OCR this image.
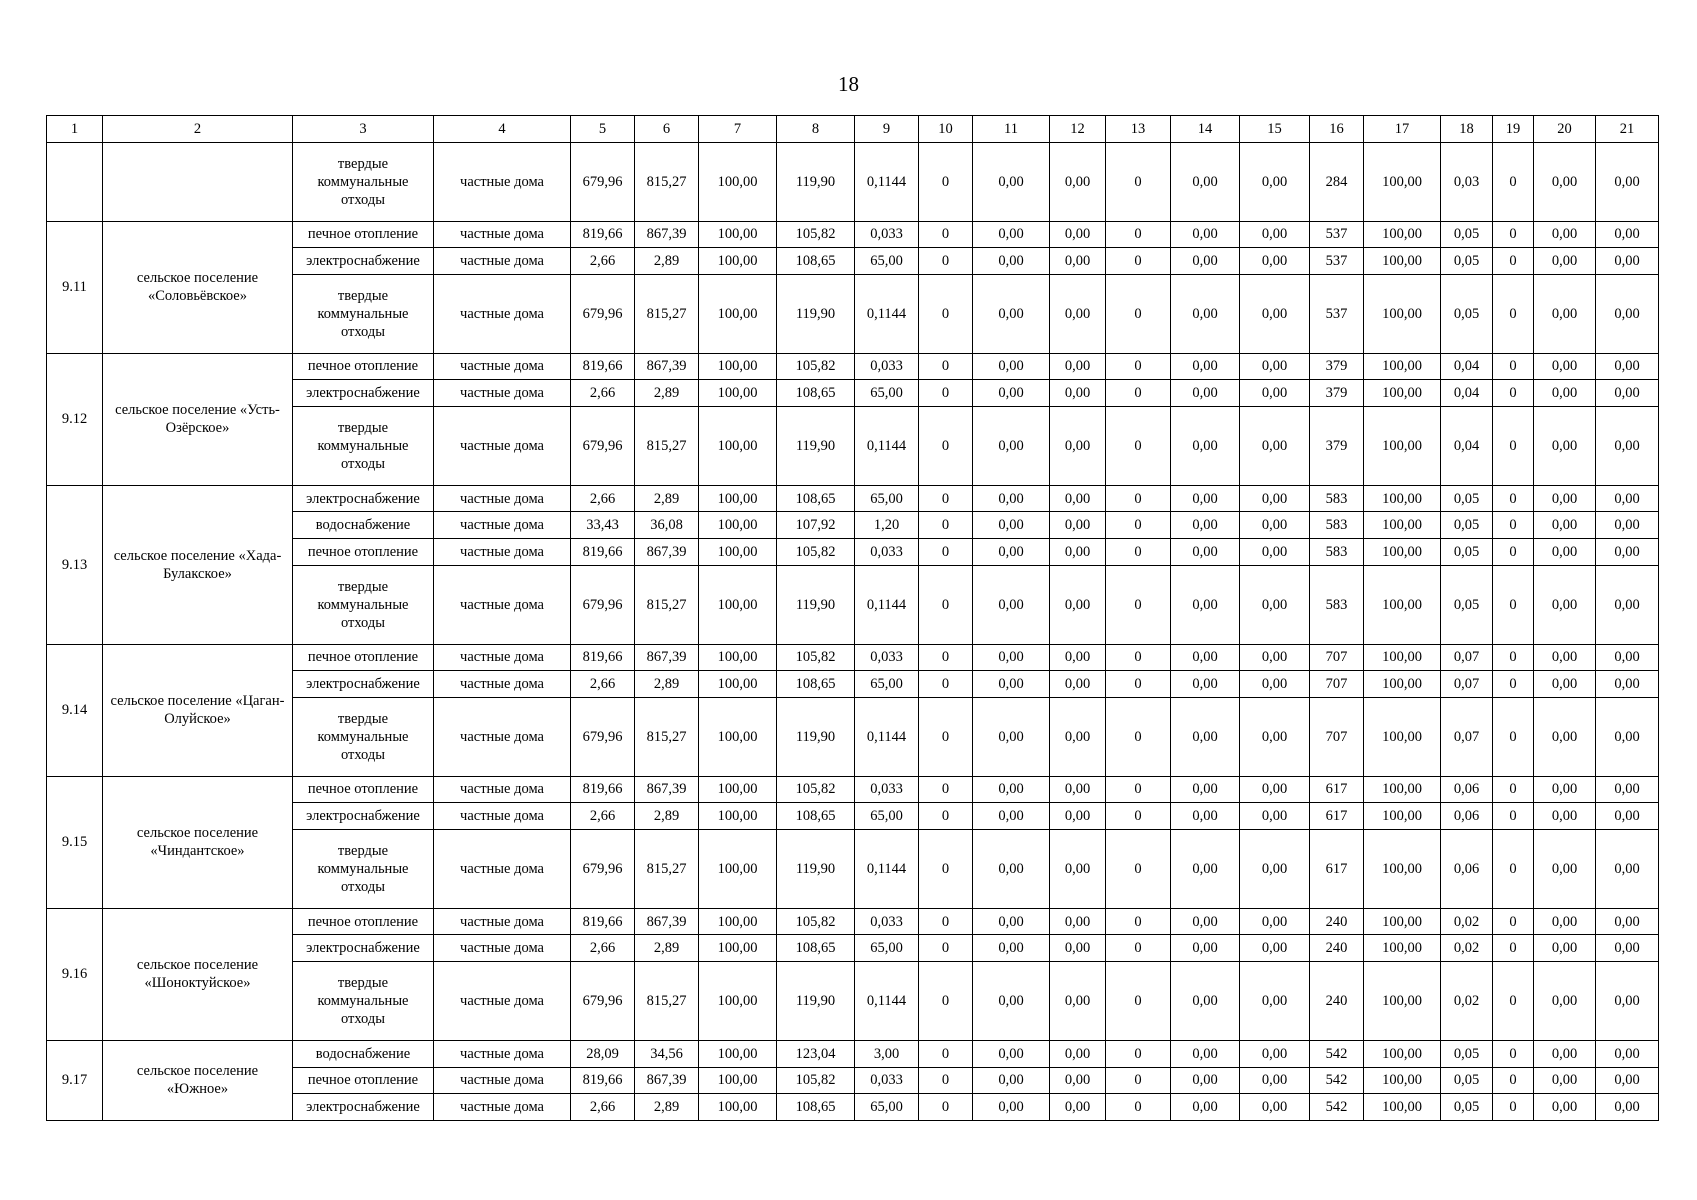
18
1	2	3	4	5	6	7	8	9	10	11	12	13	14	15	16	17	18	19	20	21
		твердые коммунальные отходы	частные дома	679,96	815,27	100,00	119,90	0,1144	0	0,00	0,00	0	0,00	0,00	284	100,00	0,03	0	0,00	0,00
9.11	сельское поселение «Соловьёвское»	печное отопление	частные дома	819,66	867,39	100,00	105,82	0,033	0	0,00	0,00	0	0,00	0,00	537	100,00	0,05	0	0,00	0,00
		электроснабжение	частные дома	2,66	2,89	100,00	108,65	65,00	0	0,00	0,00	0	0,00	0,00	537	100,00	0,05	0	0,00	0,00
		твердые коммунальные отходы	частные дома	679,96	815,27	100,00	119,90	0,1144	0	0,00	0,00	0	0,00	0,00	537	100,00	0,05	0	0,00	0,00
9.12	сельское поселение «Усть-Озёрское»	печное отопление	частные дома	819,66	867,39	100,00	105,82	0,033	0	0,00	0,00	0	0,00	0,00	379	100,00	0,04	0	0,00	0,00
		электроснабжение	частные дома	2,66	2,89	100,00	108,65	65,00	0	0,00	0,00	0	0,00	0,00	379	100,00	0,04	0	0,00	0,00
		твердые коммунальные отходы	частные дома	679,96	815,27	100,00	119,90	0,1144	0	0,00	0,00	0	0,00	0,00	379	100,00	0,04	0	0,00	0,00
9.13	сельское поселение «Хада-Булакское»	электроснабжение	частные дома	2,66	2,89	100,00	108,65	65,00	0	0,00	0,00	0	0,00	0,00	583	100,00	0,05	0	0,00	0,00
		водоснабжение	частные дома	33,43	36,08	100,00	107,92	1,20	0	0,00	0,00	0	0,00	0,00	583	100,00	0,05	0	0,00	0,00
		печное отопление	частные дома	819,66	867,39	100,00	105,82	0,033	0	0,00	0,00	0	0,00	0,00	583	100,00	0,05	0	0,00	0,00
		твердые коммунальные отходы	частные дома	679,96	815,27	100,00	119,90	0,1144	0	0,00	0,00	0	0,00	0,00	583	100,00	0,05	0	0,00	0,00
9.14	сельское поселение «Цаган-Олуйское»	печное отопление	частные дома	819,66	867,39	100,00	105,82	0,033	0	0,00	0,00	0	0,00	0,00	707	100,00	0,07	0	0,00	0,00
		электроснабжение	частные дома	2,66	2,89	100,00	108,65	65,00	0	0,00	0,00	0	0,00	0,00	707	100,00	0,07	0	0,00	0,00
		твердые коммунальные отходы	частные дома	679,96	815,27	100,00	119,90	0,1144	0	0,00	0,00	0	0,00	0,00	707	100,00	0,07	0	0,00	0,00
9.15	сельское поселение «Чиндантское»	печное отопление	частные дома	819,66	867,39	100,00	105,82	0,033	0	0,00	0,00	0	0,00	0,00	617	100,00	0,06	0	0,00	0,00
		электроснабжение	частные дома	2,66	2,89	100,00	108,65	65,00	0	0,00	0,00	0	0,00	0,00	617	100,00	0,06	0	0,00	0,00
		твердые коммунальные отходы	частные дома	679,96	815,27	100,00	119,90	0,1144	0	0,00	0,00	0	0,00	0,00	617	100,00	0,06	0	0,00	0,00
9.16	сельское поселение «Шоноктуйское»	печное отопление	частные дома	819,66	867,39	100,00	105,82	0,033	0	0,00	0,00	0	0,00	0,00	240	100,00	0,02	0	0,00	0,00
		электроснабжение	частные дома	2,66	2,89	100,00	108,65	65,00	0	0,00	0,00	0	0,00	0,00	240	100,00	0,02	0	0,00	0,00
		твердые коммунальные отходы	частные дома	679,96	815,27	100,00	119,90	0,1144	0	0,00	0,00	0	0,00	0,00	240	100,00	0,02	0	0,00	0,00
9.17	сельское поселение «Южное»	водоснабжение	частные дома	28,09	34,56	100,00	123,04	3,00	0	0,00	0,00	0	0,00	0,00	542	100,00	0,05	0	0,00	0,00
		печное отопление	частные дома	819,66	867,39	100,00	105,82	0,033	0	0,00	0,00	0	0,00	0,00	542	100,00	0,05	0	0,00	0,00
		электроснабжение	частные дома	2,66	2,89	100,00	108,65	65,00	0	0,00	0,00	0	0,00	0,00	542	100,00	0,05	0	0,00	0,00
